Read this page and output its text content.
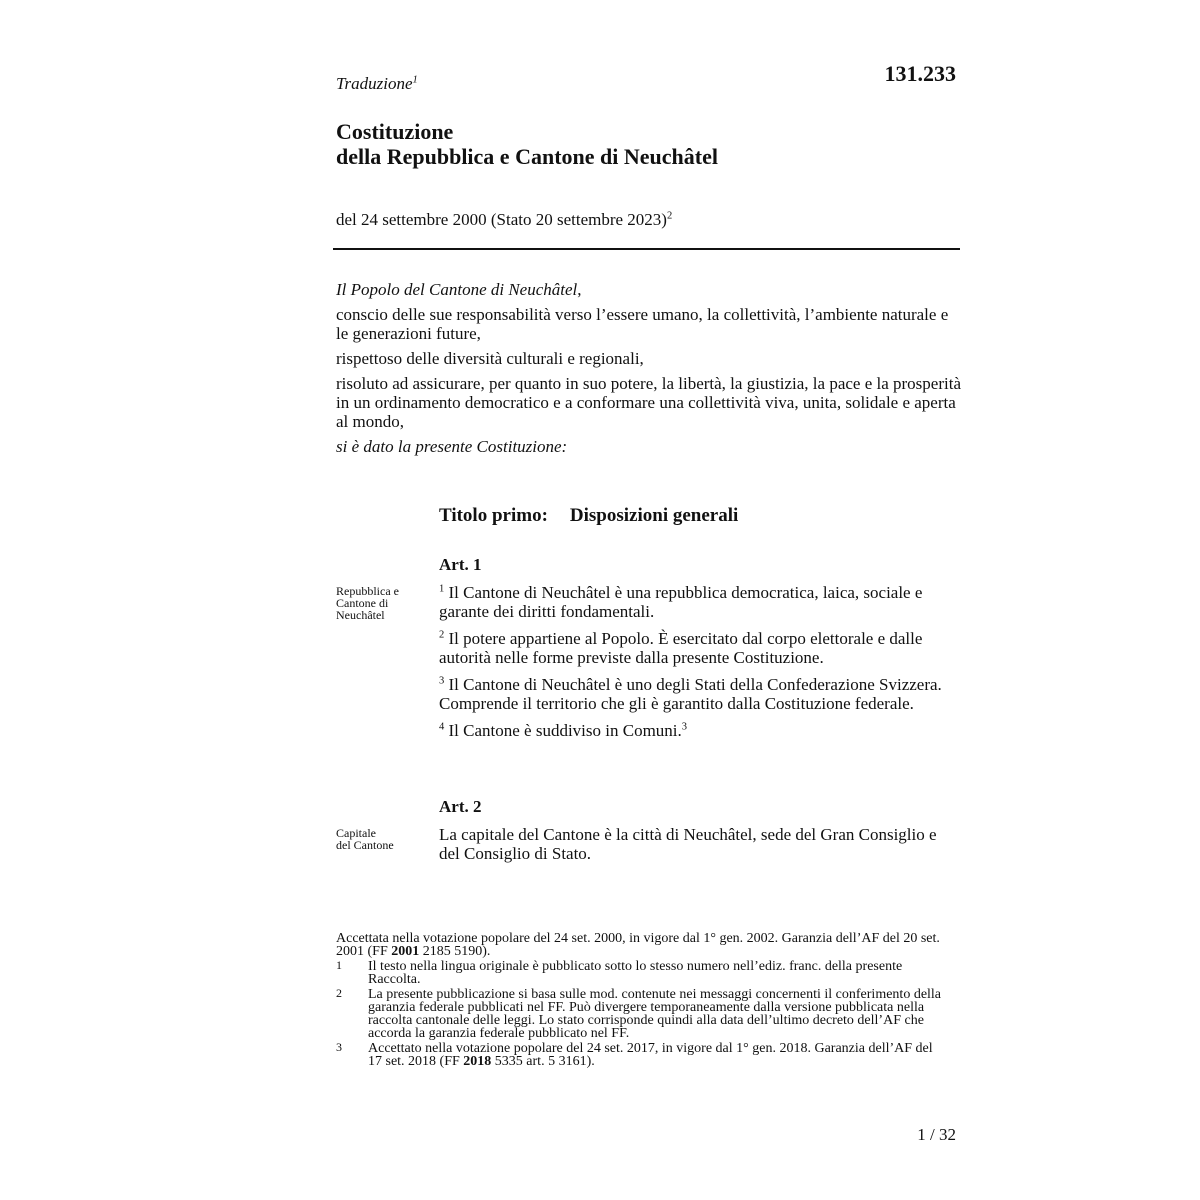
Traduzione$^1$	131.233
Costituzione
della Repubblica e Cantone di Neuchâtel
del 24 settembre 2000 (Stato 20 settembre 2023)$^2$

Il Popolo del Cantone di Neuchâtel,

conscio delle sue responsabilità verso l’essere umano, la collettività, l’ambiente naturale e le generazioni future,

rispettoso delle diversità culturali e regionali,

risoluto ad assicurare, per quanto in suo potere, la libertà, la giustizia, la pace e la prosperità in un ordinamento democratico e a conformare una collettività viva, unita, solidale e aperta al mondo,

si è dato la presente Costituzione:

Titolo primo: Disposizioni generali
Art. 1
Repubblica e
Cantone di
Neuchâtel

$^1$ Il Cantone di Neuchâtel è una repubblica democratica, laica, sociale e garante dei diritti fondamentali.

$^2$ Il potere appartiene al Popolo. È esercitato dal corpo elettorale e dalle autorità nelle forme previste dalla presente Costituzione.

$^3$ Il Cantone di Neuchâtel è uno degli Stati della Confederazione Svizzera. Comprende il territorio che gli è garantito dalla Costituzione federale.

$^4$ Il Cantone è suddiviso in Comuni.$^3$

Art. 2
Capitale
del Cantone

La capitale del Cantone è la città di Neuchâtel, sede del Gran Consiglio e del Consiglio di Stato.

Accettata nella votazione popolare del 24 set. 2000, in vigore dal 1° gen. 2002. Garanzia dell’AF del 20 set. 2001 (FF 2001 2185 5190).
1 Il testo nella lingua originale è pubblicato sotto lo stesso numero nell’ediz. franc. della presente Raccolta.
2 La presente pubblicazione si basa sulle mod. contenute nei messaggi concernenti il conferimento della garanzia federale pubblicati nel FF. Può divergere temporaneamente dalla versione pubblicata nella raccolta cantonale delle leggi. Lo stato corrisponde quindi alla data dell’ultimo decreto dell’AF che accorda la garanzia federale pubblicato nel FF.
3 Accettato nella votazione popolare del 24 set. 2017, in vigore dal 1° gen. 2018. Garanzia dell’AF del 17 set. 2018 (FF 2018 5335 art. 5 3161).
1 / 32
